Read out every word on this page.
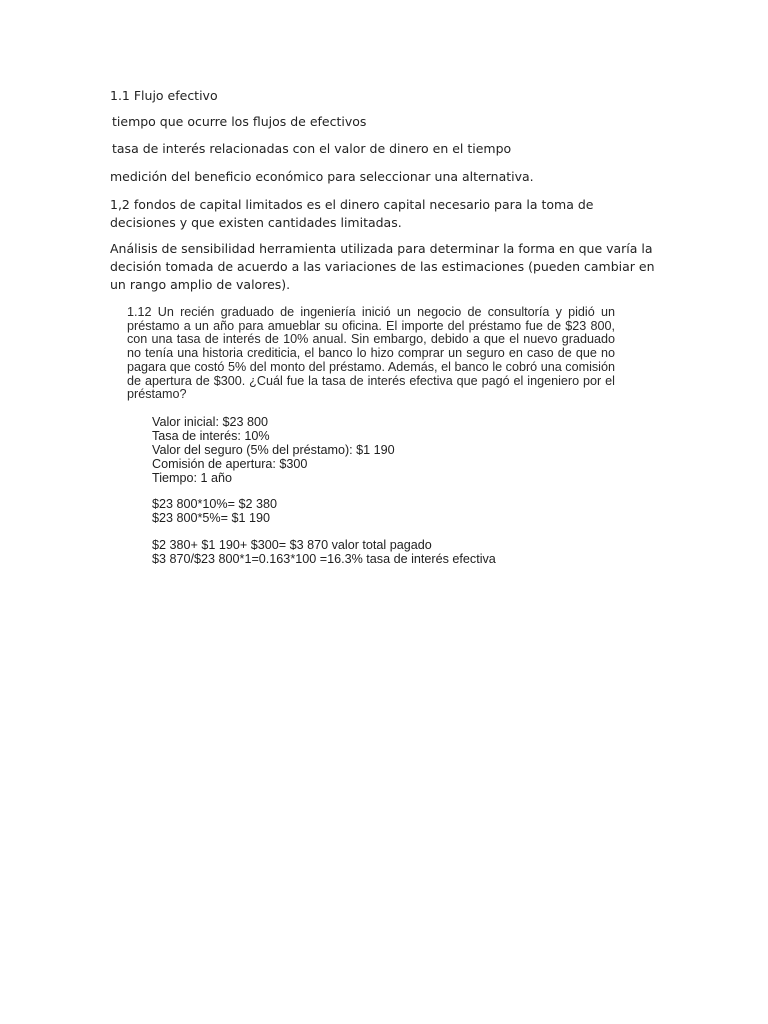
1.1 Flujo efectivo

tiempo que ocurre los flujos de efectivos

tasa de interés relacionadas con el valor de dinero en el tiempo

medición del beneficio económico para seleccionar una alternativa.

1,2 fondos de capital limitados es el dinero capital necesario para la toma de decisiones y que existen cantidades limitadas.

Análisis de sensibilidad herramienta utilizada para determinar la forma en que varía la decisión tomada de acuerdo a las variaciones de las estimaciones (pueden cambiar en un rango amplio de valores).

1.12 Un recién graduado de ingeniería inició un negocio de consultoría y pidió un préstamo a un año para amueblar su oficina. El importe del préstamo fue de $23 800, con una tasa de interés de 10% anual. Sin embargo, debido a que el nuevo graduado no tenía una historia crediticia, el banco lo hizo comprar un seguro en caso de que no pagara que costó 5% del monto del préstamo. Además, el banco le cobró una comisión de apertura de $300. ¿Cuál fue la tasa de interés efectiva que pagó el ingeniero por el préstamo?

Valor inicial: $23 800

Tasa de interés: 10%

Valor del seguro (5% del préstamo): $1 190

Comisión de apertura: $300

Tiempo: 1 año

$23 800*10%= $2 380

$23 800*5%= $1 190

$2 380+ $1 190+ $300= $3 870 valor total pagado

$3 870/$23 800*1=0.163*100 =16.3% tasa de interés efectiva
